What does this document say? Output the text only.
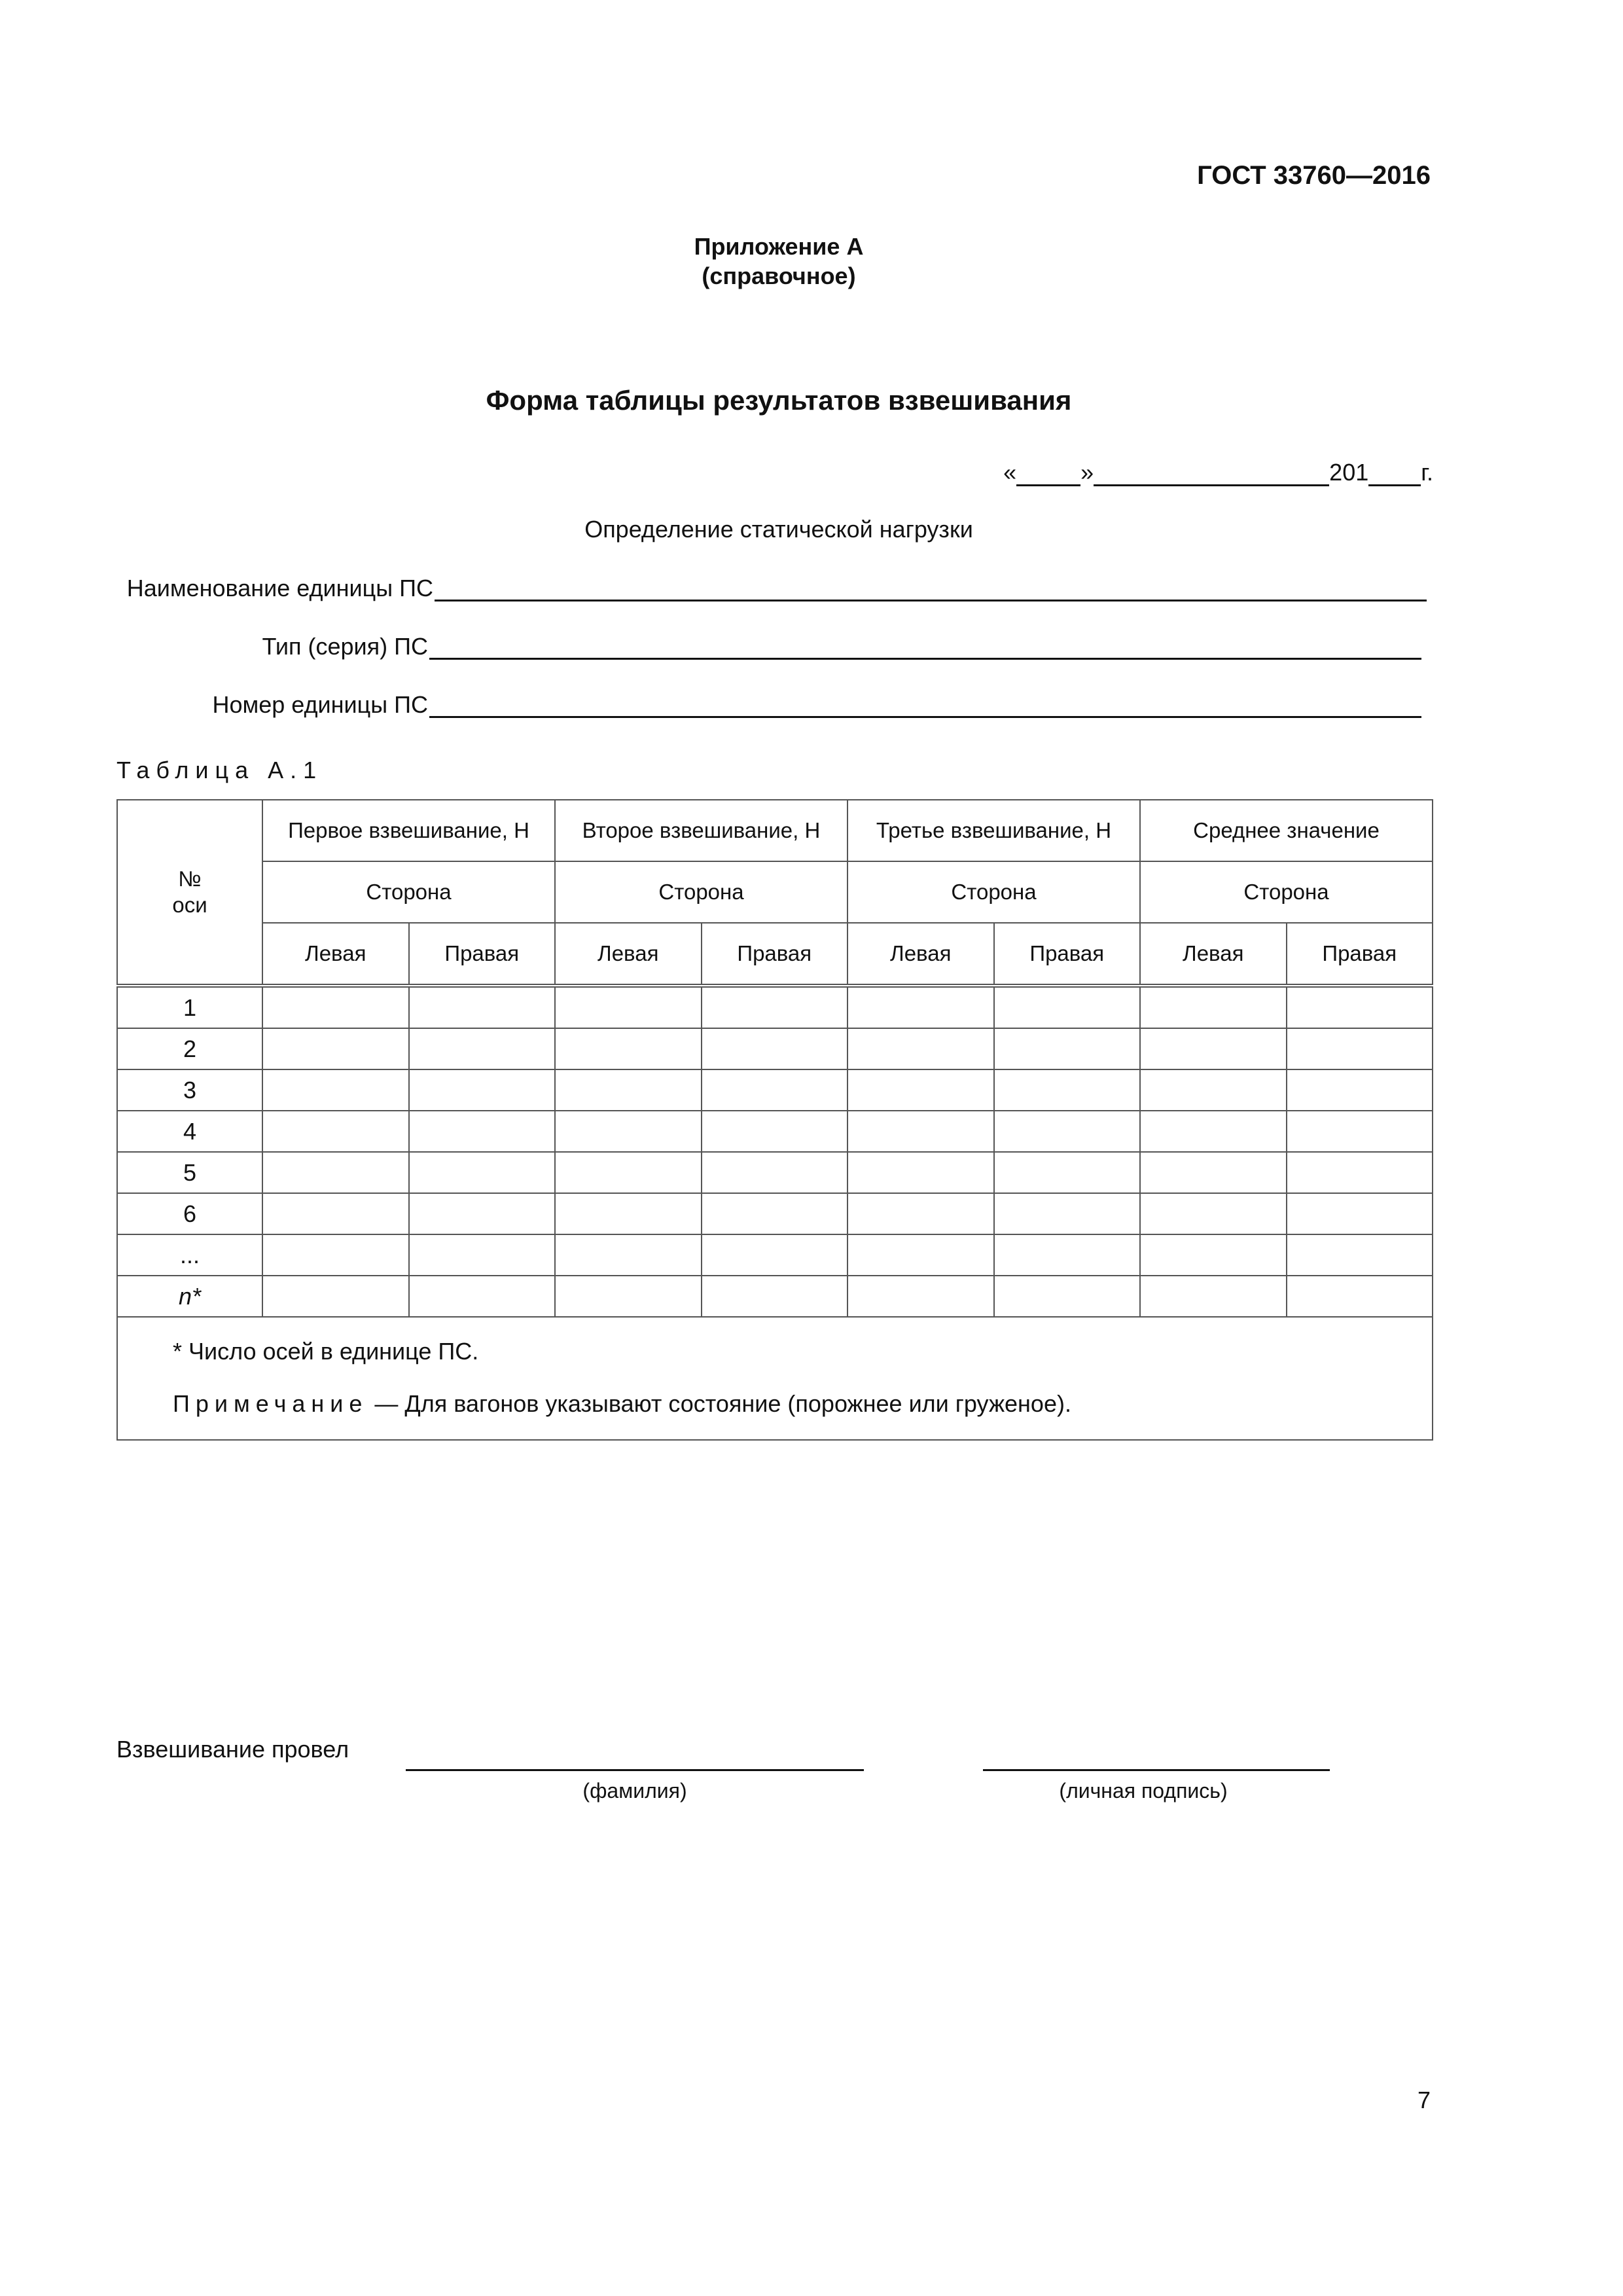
ГОСТ 33760—2016
Приложение А
(справочное)
Форма таблицы результатов взвешивания
«	»	201 г.
Определение статической нагрузки
Наименование единицы ПС
Тип (серия) ПС
Номер единицы ПС
Таблица А.1
№
оси	Первое взвешивание, Н		Второе взвешивание, Н		Третье взвешивание, Н		Среднее значение	
	Сторона		Сторона		Сторона		Сторона	
	Левая	Правая	Левая	Правая	Левая	Правая	Левая	Правая
1								
2								
3								
4								
5								
6								
...								
n*								

* Число осей в единице ПС.
Примечание — Для вагонов указывают состояние (порожнее или груженое).								
Взвешивание провел
(фамилия)	(личная подпись)
7
